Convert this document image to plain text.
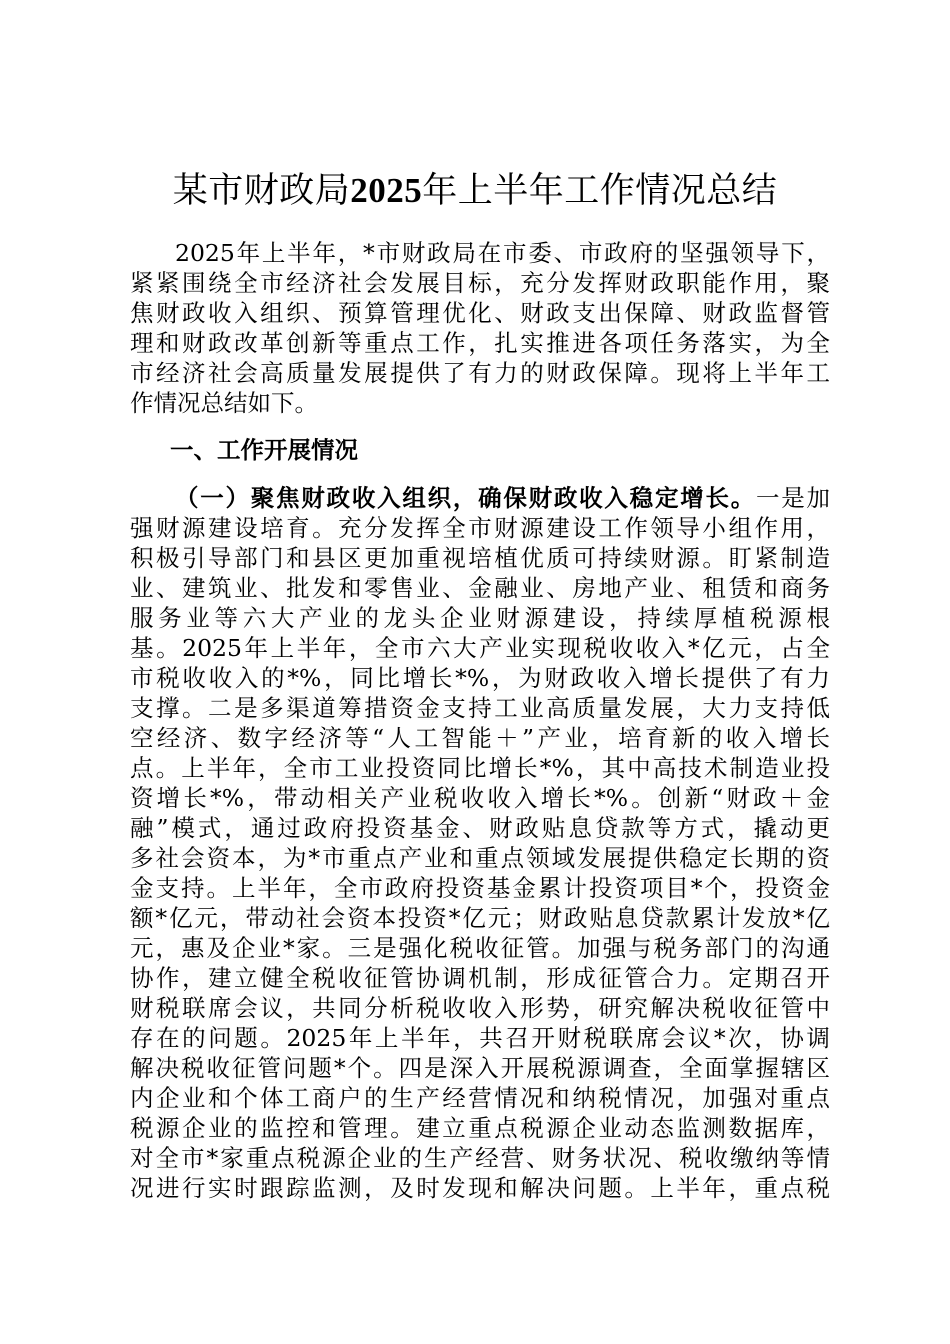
某市财政局2025年上半年工作情况总结
2025年上半年，*市财政局在市委、市政府的坚强领导下，
紧紧围绕全市经济社会发展目标，充分发挥财政职能作用，聚
焦财政收入组织、预算管理优化、财政支出保障、财政监督管
理和财政改革创新等重点工作，扎实推进各项任务落实，为全
市经济社会高质量发展提供了有力的财政保障。现将上半年工
作情况总结如下。
一、工作开展情况
（一）聚焦财政收入组织，确保财政收入稳定增长。一是加
强财源建设培育。充分发挥全市财源建设工作领导小组作用，
积极引导部门和县区更加重视培植优质可持续财源。盯紧制造
业、建筑业、批发和零售业、金融业、房地产业、租赁和商务
服务业等六大产业的龙头企业财源建设，持续厚植税源根
基。2025年上半年，全市六大产业实现税收收入*亿元，占全
市税收收入的*%，同比增长*%，为财政收入增长提供了有力
支撑。二是多渠道筹措资金支持工业高质量发展，大力支持低
空经济、数字经济等“人工智能＋”产业，培育新的收入增长
点。上半年，全市工业投资同比增长*%，其中高技术制造业投
资增长*%，带动相关产业税收收入增长*%。创新“财政＋金
融”模式，通过政府投资基金、财政贴息贷款等方式，撬动更
多社会资本，为*市重点产业和重点领域发展提供稳定长期的资
金支持。上半年，全市政府投资基金累计投资项目*个，投资金
额*亿元，带动社会资本投资*亿元；财政贴息贷款累计发放*亿
元，惠及企业*家。三是强化税收征管。加强与税务部门的沟通
协作，建立健全税收征管协调机制，形成征管合力。定期召开
财税联席会议，共同分析税收收入形势，研究解决税收征管中
存在的问题。2025年上半年，共召开财税联席会议*次，协调
解决税收征管问题*个。四是深入开展税源调查，全面掌握辖区
内企业和个体工商户的生产经营情况和纳税情况，加强对重点
税源企业的监控和管理。建立重点税源企业动态监测数据库，
对全市*家重点税源企业的生产经营、财务状况、税收缴纳等情
况进行实时跟踪监测，及时发现和解决问题。上半年，重点税
